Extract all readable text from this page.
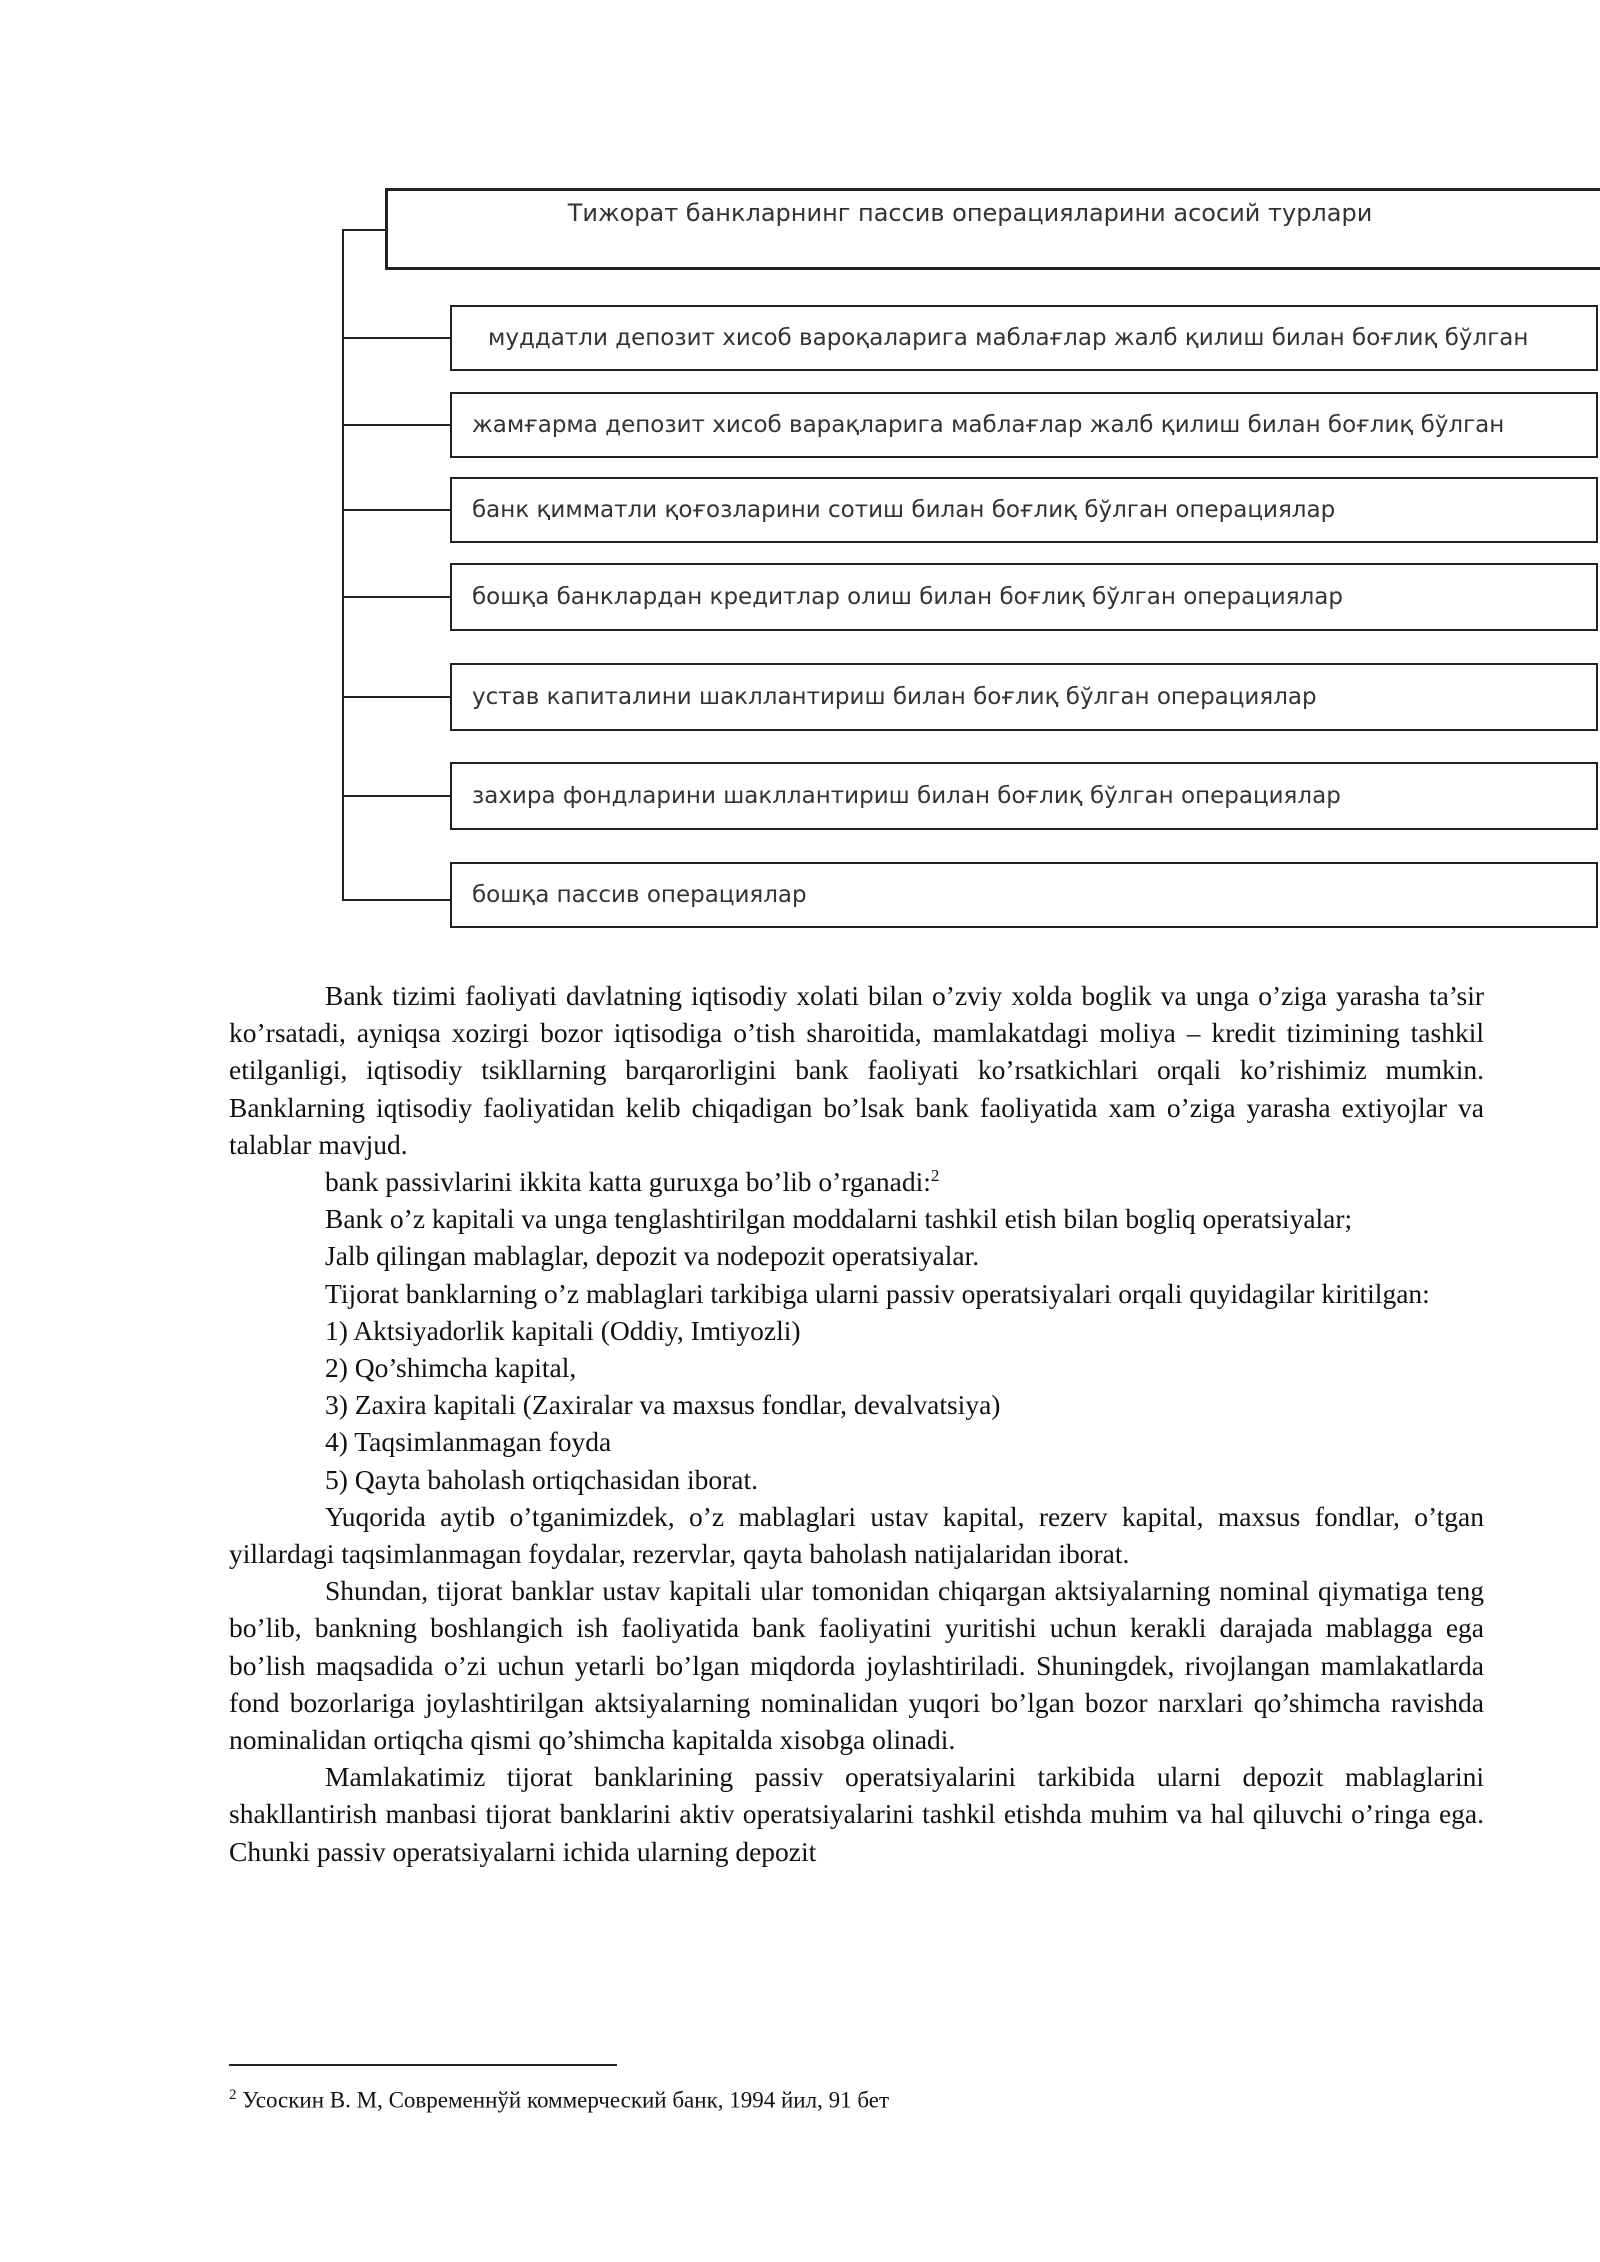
Тижорат банкларнинг пассив операцияларини асосий турлари
муддатли депозит хисоб вароқаларига маблағлар жалб қилиш билан боғлиқ бўлган
жамғарма депозит хисоб варақларига маблағлар жалб қилиш билан боғлиқ бўлган
банк қимматли қоғозларини сотиш билан боғлиқ бўлган операциялар
бошқа банклардан кредитлар олиш билан боғлиқ бўлган операциялар
устав капиталини шакллантириш билан боғлиқ бўлган операциялар
захира фондларини шакллантириш билан боғлиқ бўлган операциялар
бошқа пассив операциялар

Bank tizimi faoliyati davlatning iqtisodiy xolati bilan o’zviy xolda boglik va unga o’ziga yarasha ta’sir ko’rsatadi, ayniqsa xozirgi bozor iqtisodiga o’tish sharoitida, mamlakatdagi moliya – kredit tizimining tashkil etilganligi, iqtisodiy tsikllarning barqarorligini bank faoliyati ko’rsatkichlari orqali ko’rishimiz mumkin. Banklarning iqtisodiy faoliyatidan kelib chiqadigan bo’lsak bank faoliyatida xam o’ziga yarasha extiyojlar va talablar mavjud.

bank passivlarini ikkita katta guruxga bo’lib o’rganadi:$^2$

Bank o’z kapitali va unga tenglashtirilgan moddalarni tashkil etish bilan bogliq operatsiyalar;

Jalb qilingan mablaglar, depozit va nodepozit operatsiyalar.

Tijorat banklarning o’z mablaglari tarkibiga ularni passiv operatsiyalari orqali quyidagilar kiritilgan:

1) Aktsiyadorlik kapitali (Oddiy, Imtiyozli)

2) Qo’shimcha kapital,

3) Zaxira kapitali (Zaxiralar va maxsus fondlar, devalvatsiya)

4) Taqsimlanmagan foyda

5) Qayta baholash ortiqchasidan iborat.

Yuqorida aytib o’tganimizdek, o’z mablaglari ustav kapital, rezerv kapital, maxsus fondlar, o’tgan yillardagi taqsimlanmagan foydalar, rezervlar, qayta baholash natijalaridan iborat.

Shundan, tijorat banklar ustav kapitali ular tomonidan chiqargan aktsiyalarning nominal qiymatiga teng bo’lib, bankning boshlangich ish faoliyatida bank faoliyatini yuritishi uchun kerakli darajada mablagga ega bo’lish maqsadida o’zi uchun yetarli bo’lgan miqdorda joylashtiriladi. Shuningdek, rivojlangan mamlakatlarda fond bozorlariga joylashtirilgan aktsiyalarning nominalidan yuqori bo’lgan bozor narxlari qo’shimcha ravishda nominalidan ortiqcha qismi qo’shimcha kapitalda xisobga olinadi.

Mamlakatimiz tijorat banklarining passiv operatsiyalarini tarkibida ularni depozit mablaglarini shakllantirish manbasi tijorat banklarini aktiv operatsiyalarini tashkil etishda muhim va hal qiluvchi o’ringa ega. Chunki passiv operatsiyalarni ichida ularning depozit

$^2$ Усоскин В. М, Современнўй коммерческий банк, 1994 йил, 91 бет
